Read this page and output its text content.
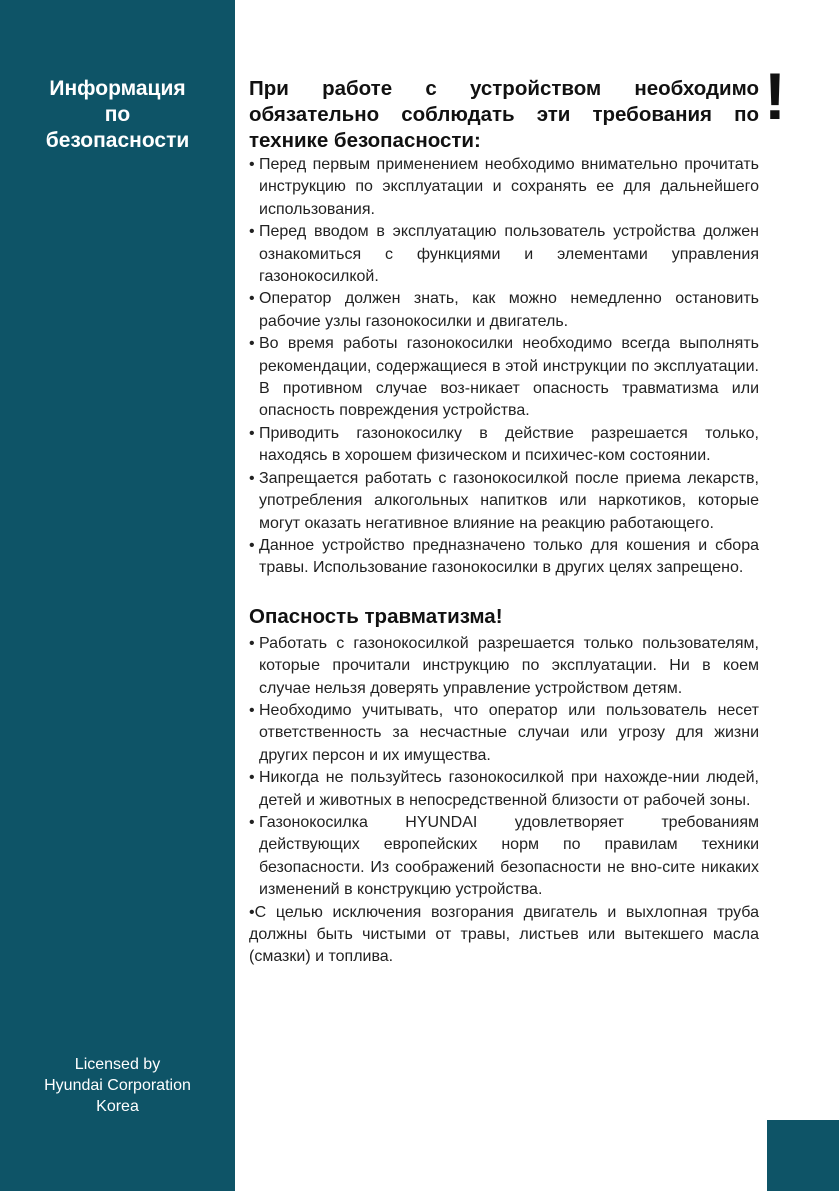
Информация
по
безопасности
Licensed by
Hyundai Corporation
Korea
!
При работе с устройством необходимо обязательно соблюдать эти требования по технике безопасности:
• Перед первым применением необходимо внимательно прочитать инструкцию по эксплуатации и сохранять ее для дальнейшего использования.
• Перед вводом в эксплуатацию пользователь устройства должен ознакомиться с функциями и элементами управления газонокосилкой.
• Оператор должен знать, как можно немедленно остановить рабочие узлы газонокосилки и двигатель.
• Во время работы газонокосилки необходимо всегда выполнять рекомендации, содержащиеся в этой инструкции по эксплуатации. В противном случае воз-никает опасность травматизма или опасность повреждения устройства.
• Приводить газонокосилку в действие разрешается только, находясь в хорошем физическом и психичес-ком состоянии.
• Запрещается работать с газонокосилкой после приема лекарств, употребления алкогольных напитков или наркотиков, которые могут оказать негативное влияние на реакцию работающего.
• Данное устройство предназначено только для кошения и сбора травы. Использование газонокосилки в других целях запрещено.
Опасность травматизма!
• Работать с газонокосилкой разрешается только пользователям, которые прочитали инструкцию по эксплуатации. Ни в коем случае нельзя доверять управление устройством детям.
• Необходимо учитывать, что оператор или пользователь несет ответственность за несчастные случаи или угрозу для жизни других персон и их имущества.
• Никогда не пользуйтесь газонокосилкой при нахожде-нии людей, детей и животных в непосредственной близости от рабочей зоны.
• Газонокосилка HYUNDAI удовлетворяет требованиям действующих европейских норм по правилам техники безопасности. Из соображений безопасности не вно-сите никаких изменений в конструкцию устройства.
•С целью исключения возгорания двигатель и выхлопная труба должны быть чистыми от травы, листьев или вытекшего масла (смазки) и топлива.
